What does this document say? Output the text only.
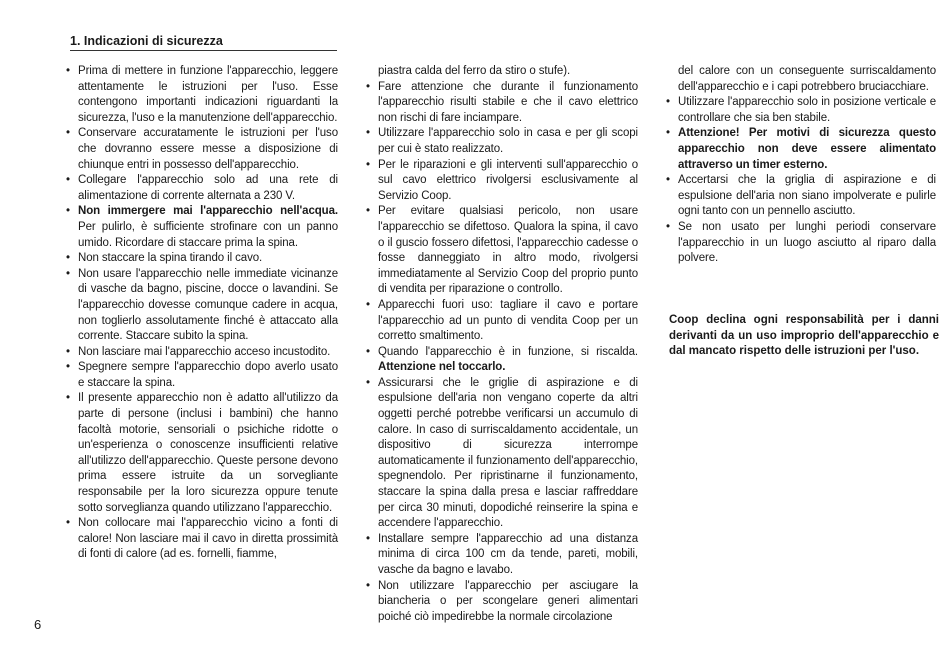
1. Indicazioni di sicurezza

• Prima di mettere in funzione l'apparecchio, leggere attentamente le istruzioni per l'uso. Esse contengono importanti indicazioni riguardanti la sicurezza, l'uso e la manutenzione dell'apparecchio.

• Conservare accuratamente le istruzioni per l'uso che dovranno essere messe a disposizione di chiunque entri in possesso dell'apparecchio.

• Collegare l'apparecchio solo ad una rete di alimentazione di corrente alternata a 230 V.

• Non immergere mai l'apparecchio nell'acqua. Per pulirlo, è sufficiente strofinare con un panno umido. Ricordare di staccare prima la spina.

• Non staccare la spina tirando il cavo.

• Non usare l'apparecchio nelle immediate vicinanze di vasche da bagno, piscine, docce o lavandini. Se l'apparecchio dovesse comunque cadere in acqua, non toglierlo assolutamente finché è attaccato alla corrente. Staccare subito la spina.

• Non lasciare mai l'apparecchio acceso incustodito.

• Spegnere sempre l'apparecchio dopo averlo usato e staccare la spina.

• Il presente apparecchio non è adatto all'utilizzo da parte di persone (inclusi i bambini) che hanno facoltà motorie, sensoriali o psichiche ridotte o un'esperienza o conoscenze insufficienti relative all'utilizzo dell'apparecchio. Queste persone devono prima essere istruite da un sorvegliante responsabile per la loro sicurezza oppure tenute sotto sorveglianza quando utilizzano l'apparecchio.

• Non collocare mai l'apparecchio vicino a fonti di calore! Non lasciare mai il cavo in diretta prossimità di fonti di calore (ad es. fornelli, fiamme,

piastra calda del ferro da stiro o stufe).

• Fare attenzione che durante il funzionamento l'apparecchio risulti stabile e che il cavo elettrico non rischi di fare inciampare.

• Utilizzare l'apparecchio solo in casa e per gli scopi per cui è stato realizzato.

• Per le riparazioni e gli interventi sull'apparecchio o sul cavo elettrico rivolgersi esclusivamente al Servizio Coop.

• Per evitare qualsiasi pericolo, non usare l'apparecchio se difettoso. Qualora la spina, il cavo o il guscio fossero difettosi, l'apparecchio cadesse o fosse danneggiato in altro modo, rivolgersi immediatamente al Servizio Coop del proprio punto di vendita per riparazione o controllo.

• Apparecchi fuori uso: tagliare il cavo e portare l'apparecchio ad un punto di vendita Coop per un corretto smaltimento.

• Quando l'apparecchio è in funzione, si riscalda. Attenzione nel toccarlo.

• Assicurarsi che le griglie di aspirazione e di espulsione dell'aria non vengano coperte da altri oggetti perché potrebbe verificarsi un accumulo di calore. In caso di surriscaldamento accidentale, un dispositivo di sicurezza interrompe automaticamente il funzionamento dell'apparecchio, spegnendolo. Per ripristinarne il funzionamento, staccare la spina dalla presa e lasciar raffreddare per circa 30 minuti, dopodiché reinserire la spina e accendere l'apparecchio.

• Installare sempre l'apparecchio ad una distanza minima di circa 100 cm da tende, pareti, mobili, vasche da bagno e lavabo.

• Non utilizzare l'apparecchio per asciugare la biancheria o per scongelare generi alimentari poiché ciò impedirebbe la normale circolazione

del calore con un conseguente surriscaldamento dell'apparecchio e i capi potrebbero bruciacchiare.

• Utilizzare l'apparecchio solo in posizione verticale e controllare che sia ben stabile.

• Attenzione! Per motivi di sicurezza questo apparecchio non deve essere alimentato attraverso un timer esterno.

• Accertarsi che la griglia di aspirazione e di espulsione dell'aria non siano impolverate e pulirle ogni tanto con un pennello asciutto.

• Se non usato per lunghi periodi conservare l'apparecchio in un luogo asciutto al riparo dalla polvere.

Coop declina ogni responsabilità per i danni derivanti da un uso improprio dell'apparecchio e dal mancato rispetto delle istruzioni per l'uso.
6
